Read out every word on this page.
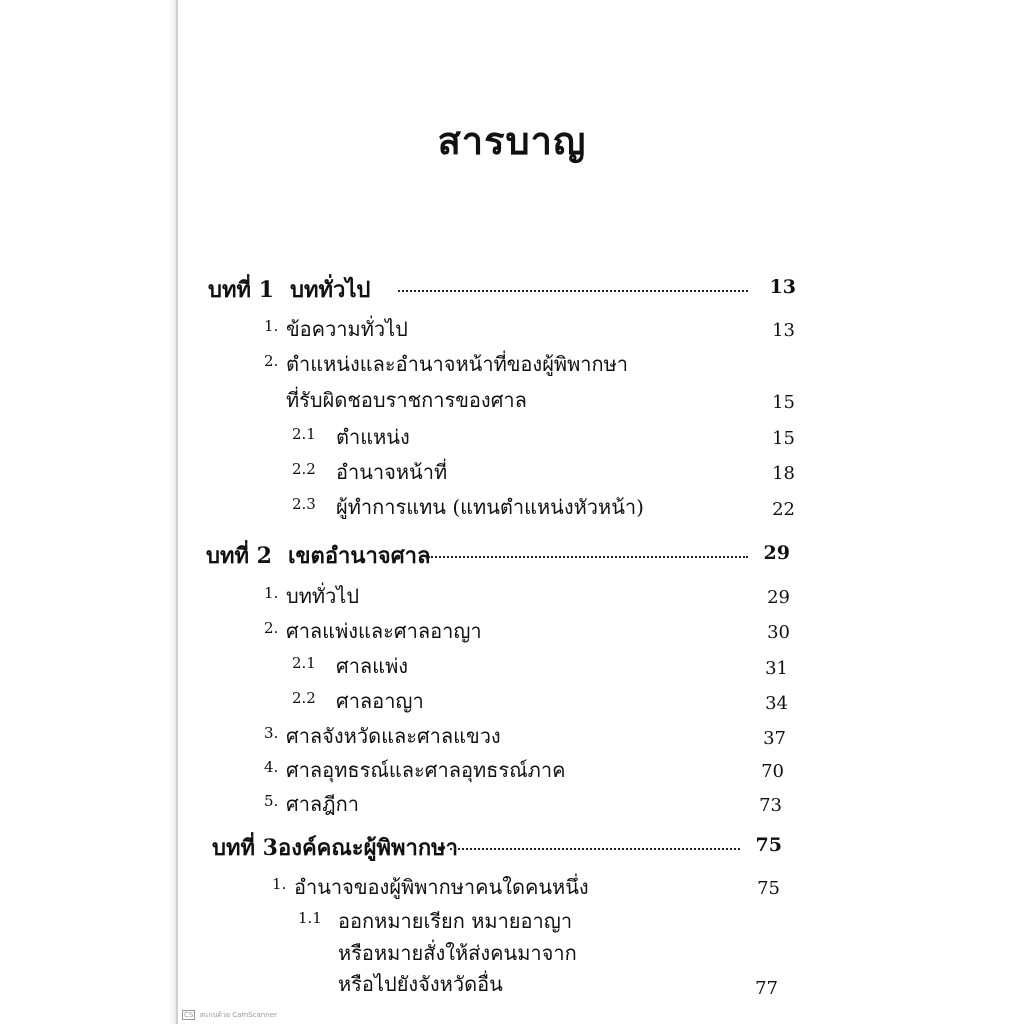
สารบาญ
บทที่ 1 บททั่วไป	13
1. ข้อความทั่วไป	13
2. ตำแหน่งและอำนาจหน้าที่ของผู้พิพากษา
ที่รับผิดชอบราชการของศาล	15
2.1 ตำแหน่ง	15
2.2 อำนาจหน้าที่	18
2.3 ผู้ทำการแทน (แทนตำแหน่งหัวหน้า)	22
บทที่ 2 เขตอำนาจศาล	29
1. บททั่วไป	29
2. ศาลแพ่งและศาลอาญา	30
2.1 ศาลแพ่ง	31
2.2 ศาลอาญา	34
3. ศาลจังหวัดและศาลแขวง	37
4. ศาลอุทธรณ์และศาลอุทธรณ์ภาค	70
5. ศาลฎีกา	73
บทที่ 3 องค์คณะผู้พิพากษา	75
1. อำนาจของผู้พิพากษาคนใดคนหนึ่ง	75
1.1 ออกหมายเรียก หมายอาญา
หรือหมายสั่งให้ส่งคนมาจาก
หรือไปยังจังหวัดอื่น	77
CS สแกนด้วย CamScanner
